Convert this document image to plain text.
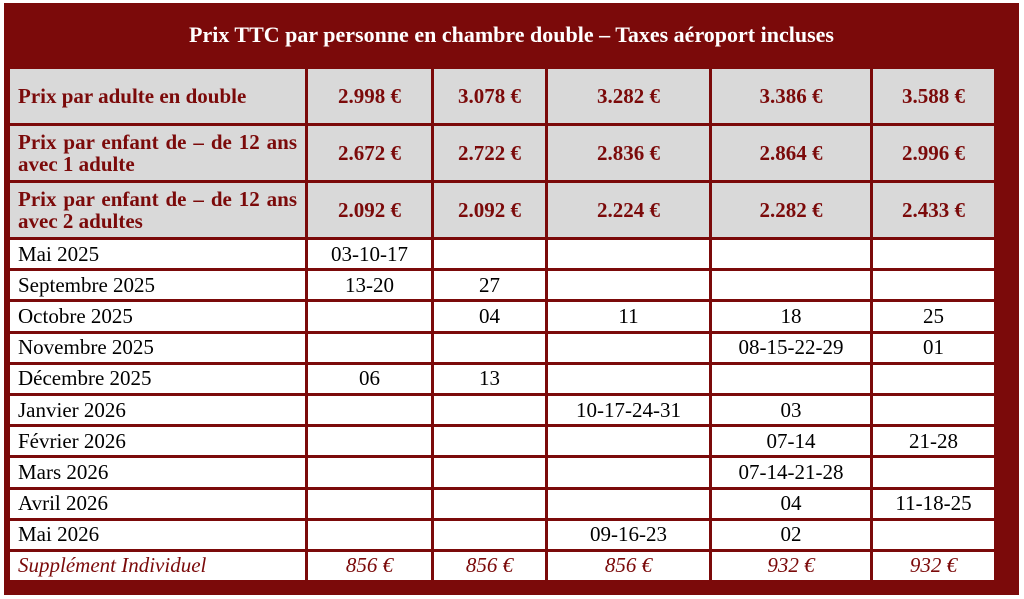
Prix TTC par personne en chambre double – Taxes aéroport incluses
Prix par adulte en double	2.998 €	3.078 €	3.282 €	3.386 €	3.588 €
Prix par enfant de – de 12 ans avec 1 adulte	2.672 €	2.722 €	2.836 €	2.864 €	2.996 €
Prix par enfant de – de 12 ans avec 2 adultes	2.092 €	2.092 €	2.224 €	2.282 €	2.433 €
Mai 2025	03-10-17				
Septembre 2025	13-20	27			
Octobre 2025		04	11	18	25
Novembre 2025				08-15-22-29	01
Décembre 2025	06	13			
Janvier 2026			10-17-24-31	03	
Février 2026				07-14	21-28
Mars 2026				07-14-21-28	
Avril 2026				04	11-18-25
Mai 2026			09-16-23	02	
Supplément Individuel	856 €	856 €	856 €	932 €	932 €
